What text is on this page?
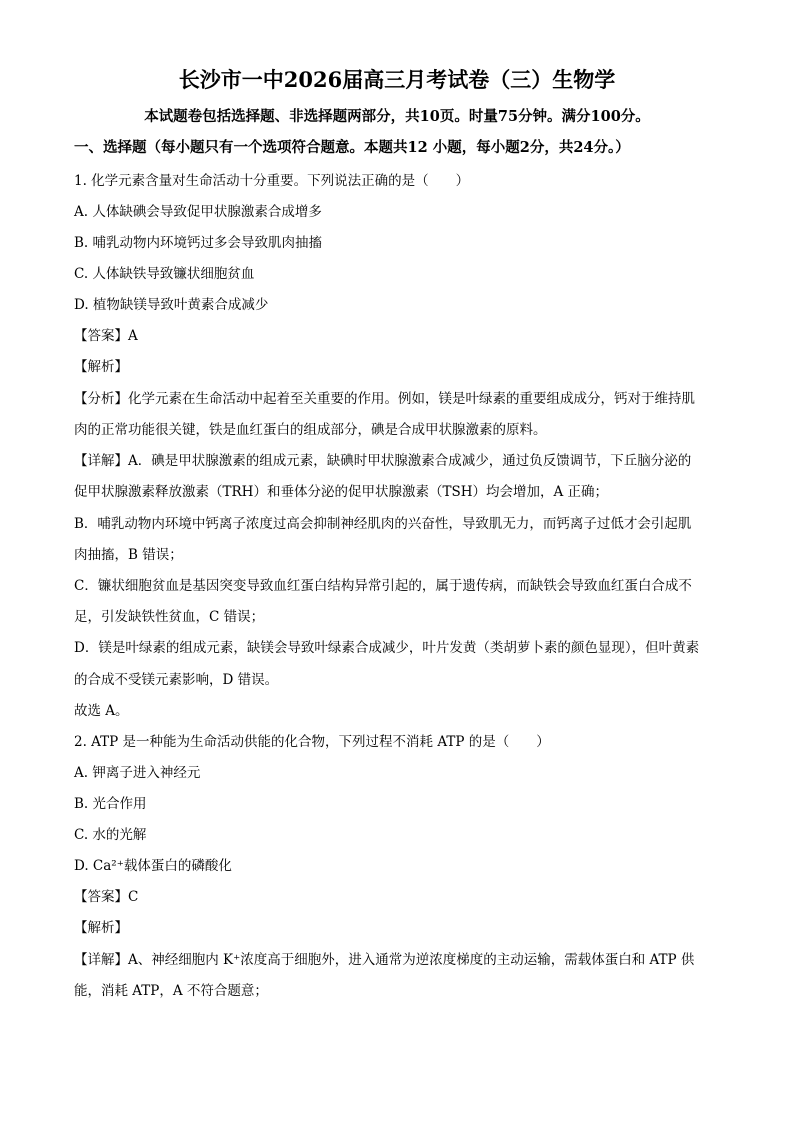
长沙市一中2026届高三月考试卷（三）生物学
本试题卷包括选择题、非选择题两部分，共10页。时量75分钟。满分100分。
一、选择题（每小题只有一个选项符合题意。本题共12 小题，每小题2分，共24分。）
1. 化学元素含量对生命活动十分重要。下列说法正确的是（　　）
A. 人体缺碘会导致促甲状腺激素合成增多
B. 哺乳动物内环境钙过多会导致肌肉抽搐
C. 人体缺铁导致镰状细胞贫血
D. 植物缺镁导致叶黄素合成减少
【答案】A
【解析】
【分析】化学元素在生命活动中起着至关重要的作用。例如，镁是叶绿素的重要组成成分，钙对于维持肌
肉的正常功能很关键，铁是血红蛋白的组成部分，碘是合成甲状腺激素的原料。
【详解】A．碘是甲状腺激素的组成元素，缺碘时甲状腺激素合成减少，通过负反馈调节，下丘脑分泌的
促甲状腺激素释放激素（TRH）和垂体分泌的促甲状腺激素（TSH）均会增加，A 正确；
B．哺乳动物内环境中钙离子浓度过高会抑制神经肌肉的兴奋性，导致肌无力，而钙离子过低才会引起肌
肉抽搐，B 错误；
C．镰状细胞贫血是基因突变导致血红蛋白结构异常引起的，属于遗传病，而缺铁会导致血红蛋白合成不
足，引发缺铁性贫血，C 错误；
D．镁是叶绿素的组成元素，缺镁会导致叶绿素合成减少，叶片发黄（类胡萝卜素的颜色显现），但叶黄素
的合成不受镁元素影响，D 错误。
故选 A。
2. ATP 是一种能为生命活动供能的化合物，下列过程不消耗 ATP 的是（　　）
A. 钾离子进入神经元
B. 光合作用
C. 水的光解
D. Ca²⁺载体蛋白的磷酸化
【答案】C
【解析】
【详解】A、神经细胞内 K⁺浓度高于细胞外，进入通常为逆浓度梯度的主动运输，需载体蛋白和 ATP 供
能，消耗 ATP，A 不符合题意；
